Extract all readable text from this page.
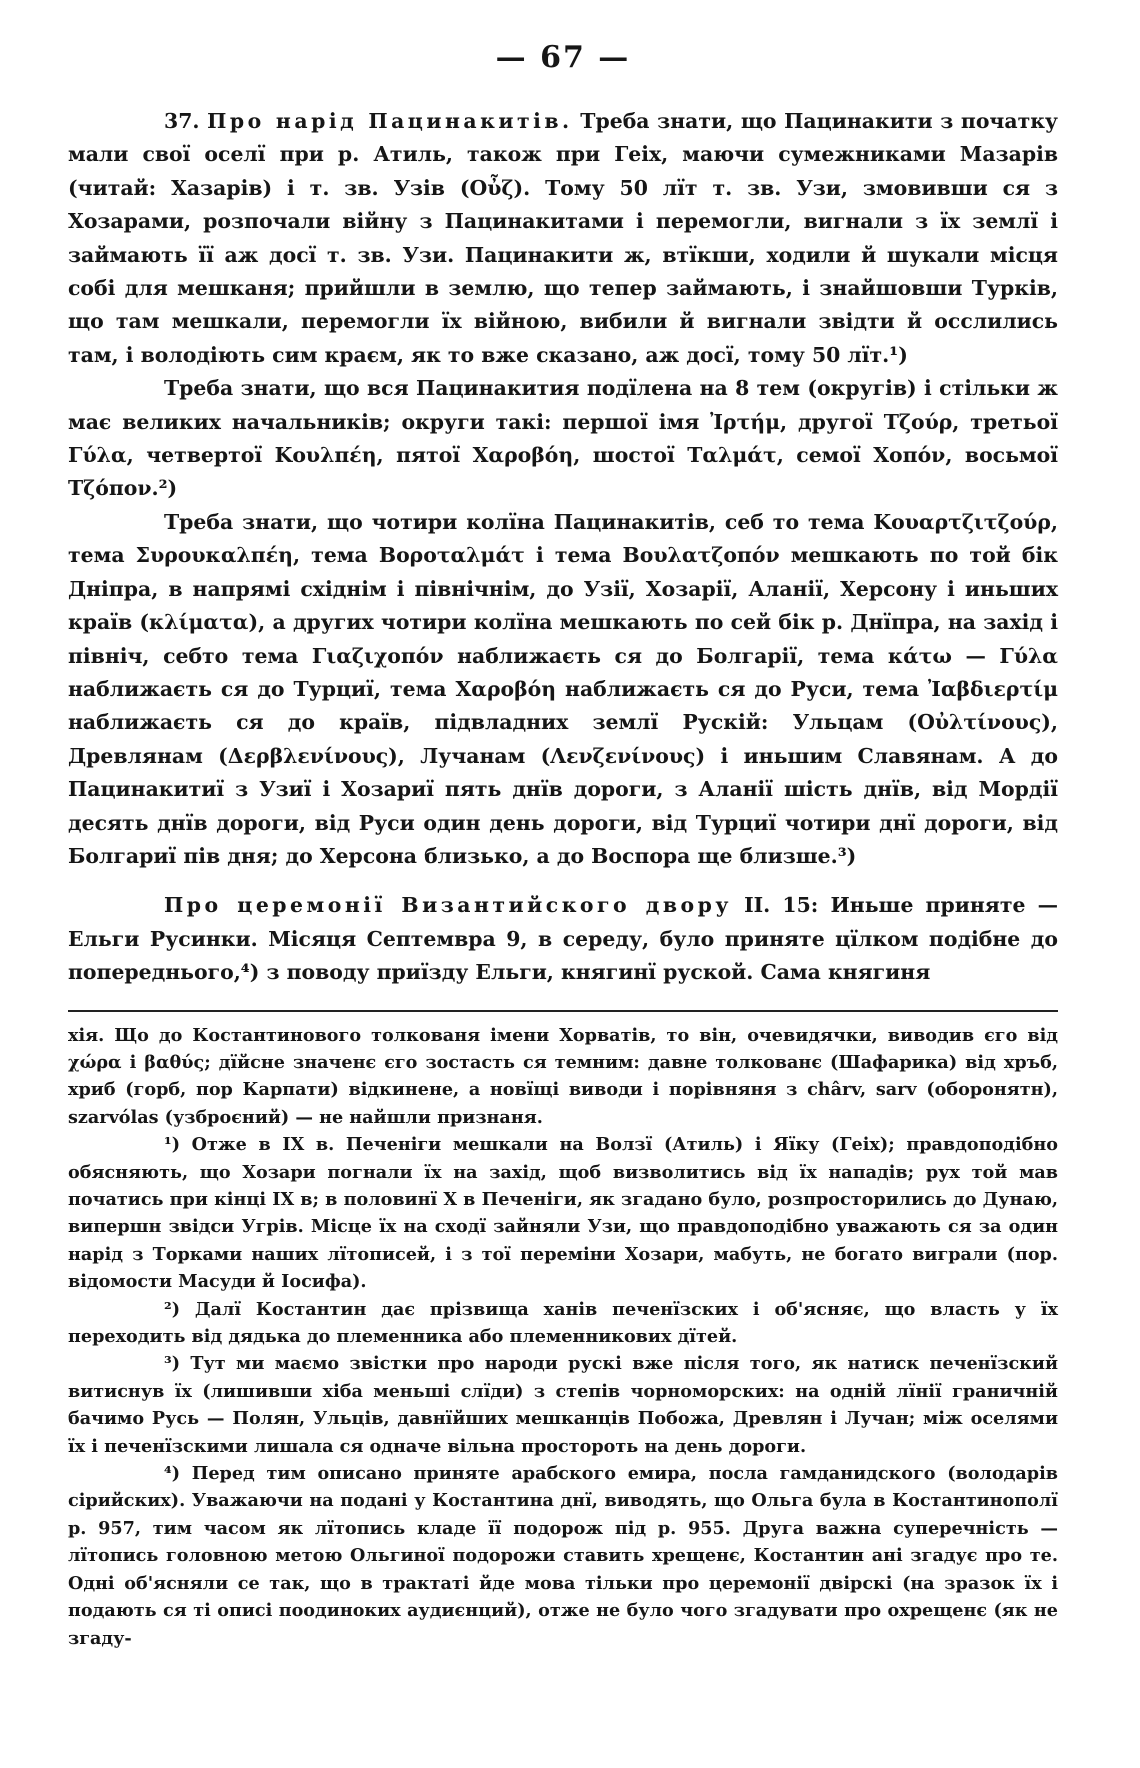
— 67 —

37. Про нарід Пацинакитів. Треба знати, що Пацинакити з початку мали свої оселї при р. Атиль, також при Геіх, маючи сумежниками Мазарів (читай: Хазарів) і т. зв. Узів (Οὖζ). Тому 50 лїт т. зв. Узи, змовивши ся з Хозарами, розпочали війну з Пацинакитами і перемогли, вигнали з їх землї і займають її аж досї т. зв. Узи. Пацинакити ж, втїкши, ходили й шукали місця собі для мешканя; прийшли в землю, що тепер займають, і знайшовши Турків, що там мешкали, перемогли їх війною, вибили й вигнали звідти й осслились там, і володіють сим краєм, як то вже сказано, аж досї, тому 50 лїт.¹)

Треба знати, що вся Пацинакития подїлена на 8 тем (округів) і стільки ж має великих начальників; округи такі: першої імя Ἰρτήμ, другої Τζούρ, третьої Γύλα, четвертої Κουλπέη, пятої Χαροβόη, шостої Ταλμάτ, семої Χοπόν, восьмої Τζόπον.²)

Треба знати, що чотири колїна Пацинакитів, себ то тема Κουαρτζιτζούρ, тема Συρουκαλπέη, тема Βοροταλμάτ і тема Βουλατζοπόν мешкають по той бік Дніпра, в напрямі східнім і північнім, до Узії, Хозарії, Аланії, Херсону і иньших країв (κλίματα), а других чотири колїна мешкають по сей бік р. Днїпра, на захід і північ, себто тема Γιαζιχοπόν наближаєть ся до Болгарії, тема κάτω — Γύλα наближаєть ся до Турциї, тема Χαροβόη наближаєть ся до Руси, тема Ἰαβδιερτίμ наближаєть ся до країв, підвладних землї Рускій: Ульцам (Οὐλτίνους), Древлянам (Δερβλενίνους), Лучанам (Λενζενίνους) і иньшим Славянам. А до Пацинакитиї з Узиї і Хозариї пять днїв дороги, з Аланії шість днїв, від Мордії десять днїв дороги, від Руси один день дороги, від Турциї чотири днї дороги, від Болгариї пів дня; до Херсона близько, а до Воспора ще близше.³)

Про церемонії Византийского двору II. 15: Иньше приняте — Ельги Русинки. Місяця Септемвра 9, в середу, було приняте цїлком подібне до попереднього,⁴) з поводу приїзду Ельги, княгинї руской. Сама княгиня

хія. Що до Костантинового толкованя імени Хорватів, то він, очевидячки, виводив єго від χώρα і βαθύς; дїйсне значенє єго зостасть ся темним: давне толкованє (Шафарика) від хръб, хриб (горб, пор Карпати) відкинене, а новїщі виводи і порівняня з chârv, sarv (оборонятн), szarvólas (узброєний) — не найшли признаня.

¹) Отже в IX в. Печеніги мешкали на Волзї (Атиль) і Яїку (Геіх); правдоподібно обясняють, що Хозари погнали їх на захід, щоб визволитись від їх нападів; рух той мав початись при кінці IX в; в половинї X в Печеніги, як згадано було, розпросторились до Дунаю, випершн звідси Угрів. Місце їх на сходї зайняли Узи, що правдоподібно уважають ся за один нарід з Торками наших лїтописей, і з тої переміни Хозари, мабуть, не богато виграли (пор. відомости Масуди й Іосифа).

²) Далї Костантин дає прізвища ханів печенїзских і об'ясняє, що власть у їх переходить від дядька до племенника або племенникових дїтей.

³) Тут ми маємо звістки про народи рускі вже після того, як натиск печенїзский витиснув їх (лишивши хіба меньші слїди) з степів чорноморских: на одній лїнії граничній бачимо Русь — Полян, Ульців, давнїйших мешканців Побожа, Древлян і Лучан; між оселями їх і печенїзскими лишала ся одначе вільна простороть на день дороги.

⁴) Перед тим описано приняте арабского емира, посла гамданидского (володарів сірийских). Уважаючи на подані у Костантина днї, виводять, що Ольга була в Костантинополї р. 957, тим часом як лїтопись кладе її подорож під р. 955. Друга важна суперечність — лїтопись головною метою Ольгиної подорожи ставить хрещенє, Костантин ані згадує про те. Одні об'ясняли се так, що в трактаті йде мова тільки про церемонії двірскі (на зразок їх і подають ся ті описі поодиноких аудиєнций), отже не було чого згадувати про охрещенє (як не згаду-
